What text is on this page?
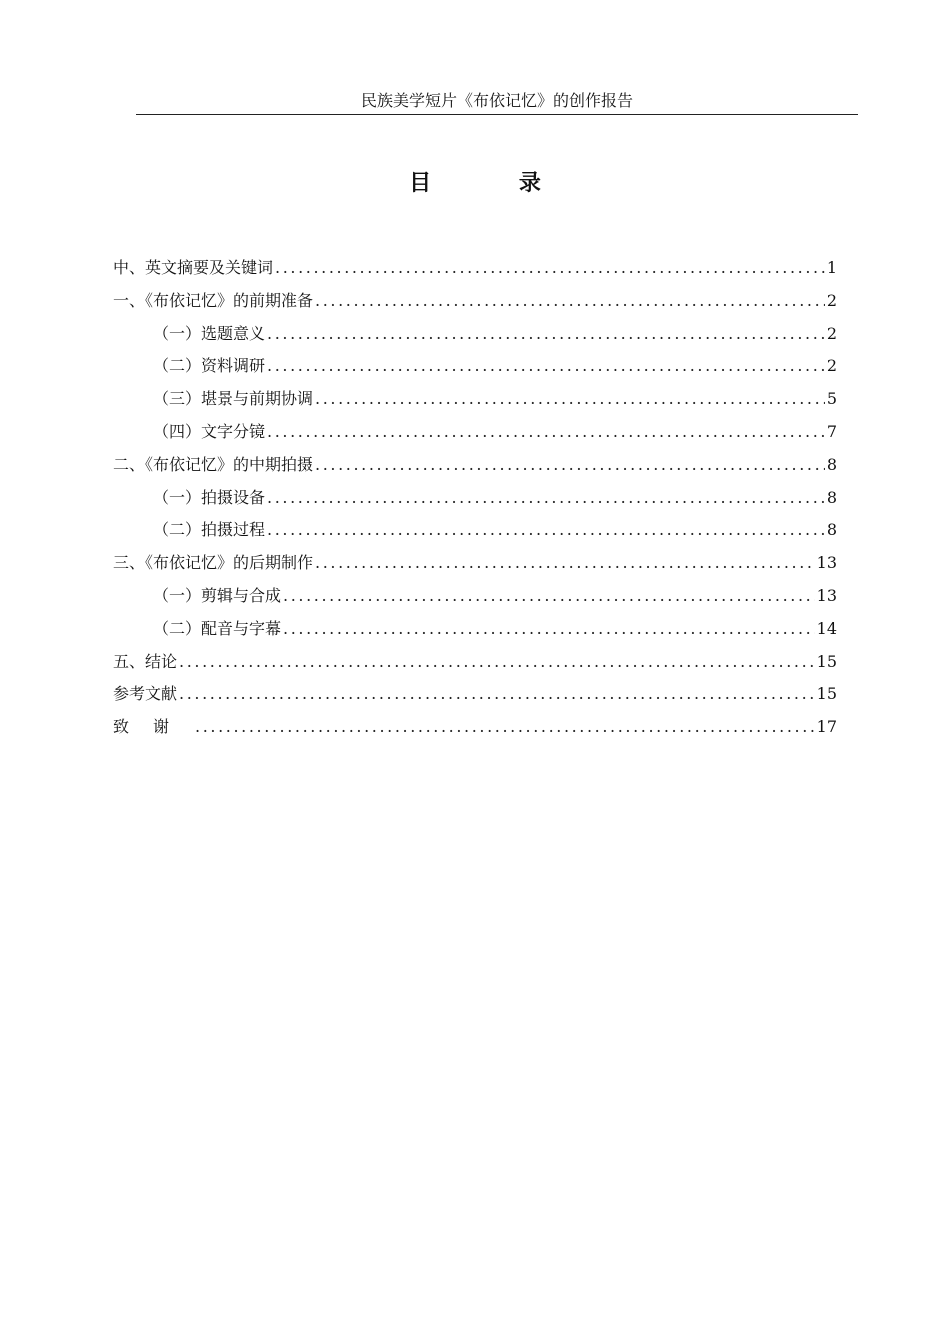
民族美学短片《布依记忆》的创作报告
目 录
中、英文摘要及关键词 .....	1
一、《布依记忆》的前期准备 .....	2
（一）选题意义 .....	2
（二）资料调研 .....	2
（三）堪景与前期协调 .....	5
（四）文字分镜 .....	7
二、《布依记忆》的中期拍摄 .....	8
（一）拍摄设备 .....	8
（二）拍摄过程 .....	8
三、《布依记忆》的后期制作 .....	13
（一）剪辑与合成 .....	13
（二）配音与字幕 .....	14
五、结论 .....	15
参考文献 .....	15
致谢 .....	17
